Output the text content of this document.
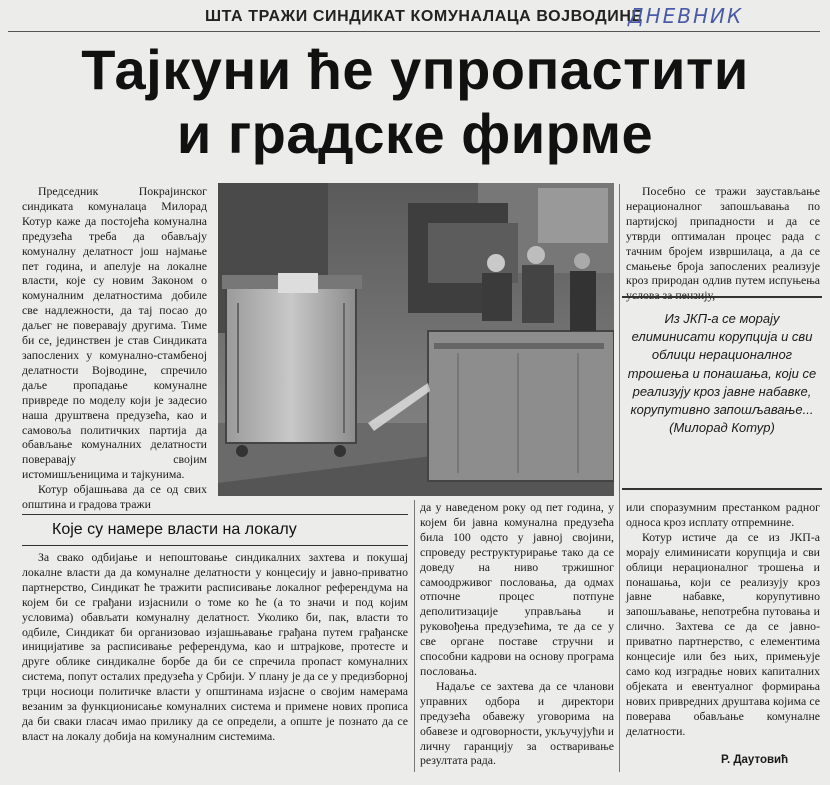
ШТА ТРАЖИ СИНДИКАТ КОМУНАЛАЦА ВОЈВОДИНЕ
ДНЕВНИК
Тајкуни ће упропастити
и градске фирме

Председник Покрајинског синдиката комуналаца Милорад Котур каже да постојећа комунална предузећа треба да обављају комуналну делатност још најмање пет година, и апелује на локалне власти, које су новим Законом о комуналним делатностима добиле све надлежности, да тај посао до даљег не поверавају другима. Тиме би се, јединствен је став Синдиката запослених у комунално-стамбеној делатности Војводине, спречило даље пропадање комуналне привреде по моделу који је задесио наша друштвена предузећа, као и самовоља политичких партија да обављање комуналних делатности поверавају својим истомишљеницима и тајкунима.

Котур објашњава да се од свих општина и градова тражи

Посебно се тражи заустављање нерационалног запошљавања по партијској припадности и да се утврди оптималан процес рада с тачним бројем извршилаца, а да се смањење броја запослених реализује кроз природан одлив путем испуњења

Из ЈКП-а се морају елиминисати корупција и сви облици нерационалног трошења и понашања, који се реализују кроз јавне набавке, корупутивно запошљавање... (Милорад Котур)
Које су намере власти на локалу

За свако одбијање и непоштовање синдикалних захтева и покушај локалне власти да да комуналне делатности у концесију и јавно-приватно партнерство, Синдикат ће тражити расписивање локалног референдума на којем би се грађани изјаснили о томе ко ће (а то значи и под којим условима) обављати комуналну делатност. Уколико би, пак, власти то одбиле, Синдикат би организовао изјашњавање грађана путем грађанске иницијативе за расписивање референдума, као и штрајкове, протесте и друге облике синдикалне борбе да би се спречила пропаст комуналних система, попут осталих предузећа у Србији. У плану је да се у предизборној трци носиоци политичке власти у општинама изјасне о својим намерама везаним за функционисање комуналних система и примене нових прописа да би сваки гласач имао прилику да се определи, а опште је познато да се власт на локалу добија на комуналним системима.

да у наведеном року од пет година, у којем би јавна комунална предузећа била 100 одсто у јавној својини, спроведу реструктурирање тако да се доведу на ниво тржишног самоодрживог пословања, да одмах отпочне процес потпуне деполитизације управљања и руковођења предузећима, те да се у све органе поставе стручни и способни кадрови на основу програма пословања.

Надаље се захтева да се чланови управних одбора и директори предузећа обавежу уговорима на обавезе и одговорности, укључујући и личну гаранцију за остваривање резултата рада.

или споразумним престанком радног односа кроз исплату отпремнине.

Котур истиче да се из ЈКП-а морају елиминисати корупција и сви облици нерационалног трошења и понашања, који се реализују кроз јавне набавке, корупутивно запошљавање, непотребна путовања и слично. Захтева се да се јавно-приватно партнерство, с елементима концесије или без њих, примењује само код изградње нових капиталних објеката и евентуалног формирања нових привредних друштава којима се поверава обављање комуналне делатности.

Р. Даутовић
